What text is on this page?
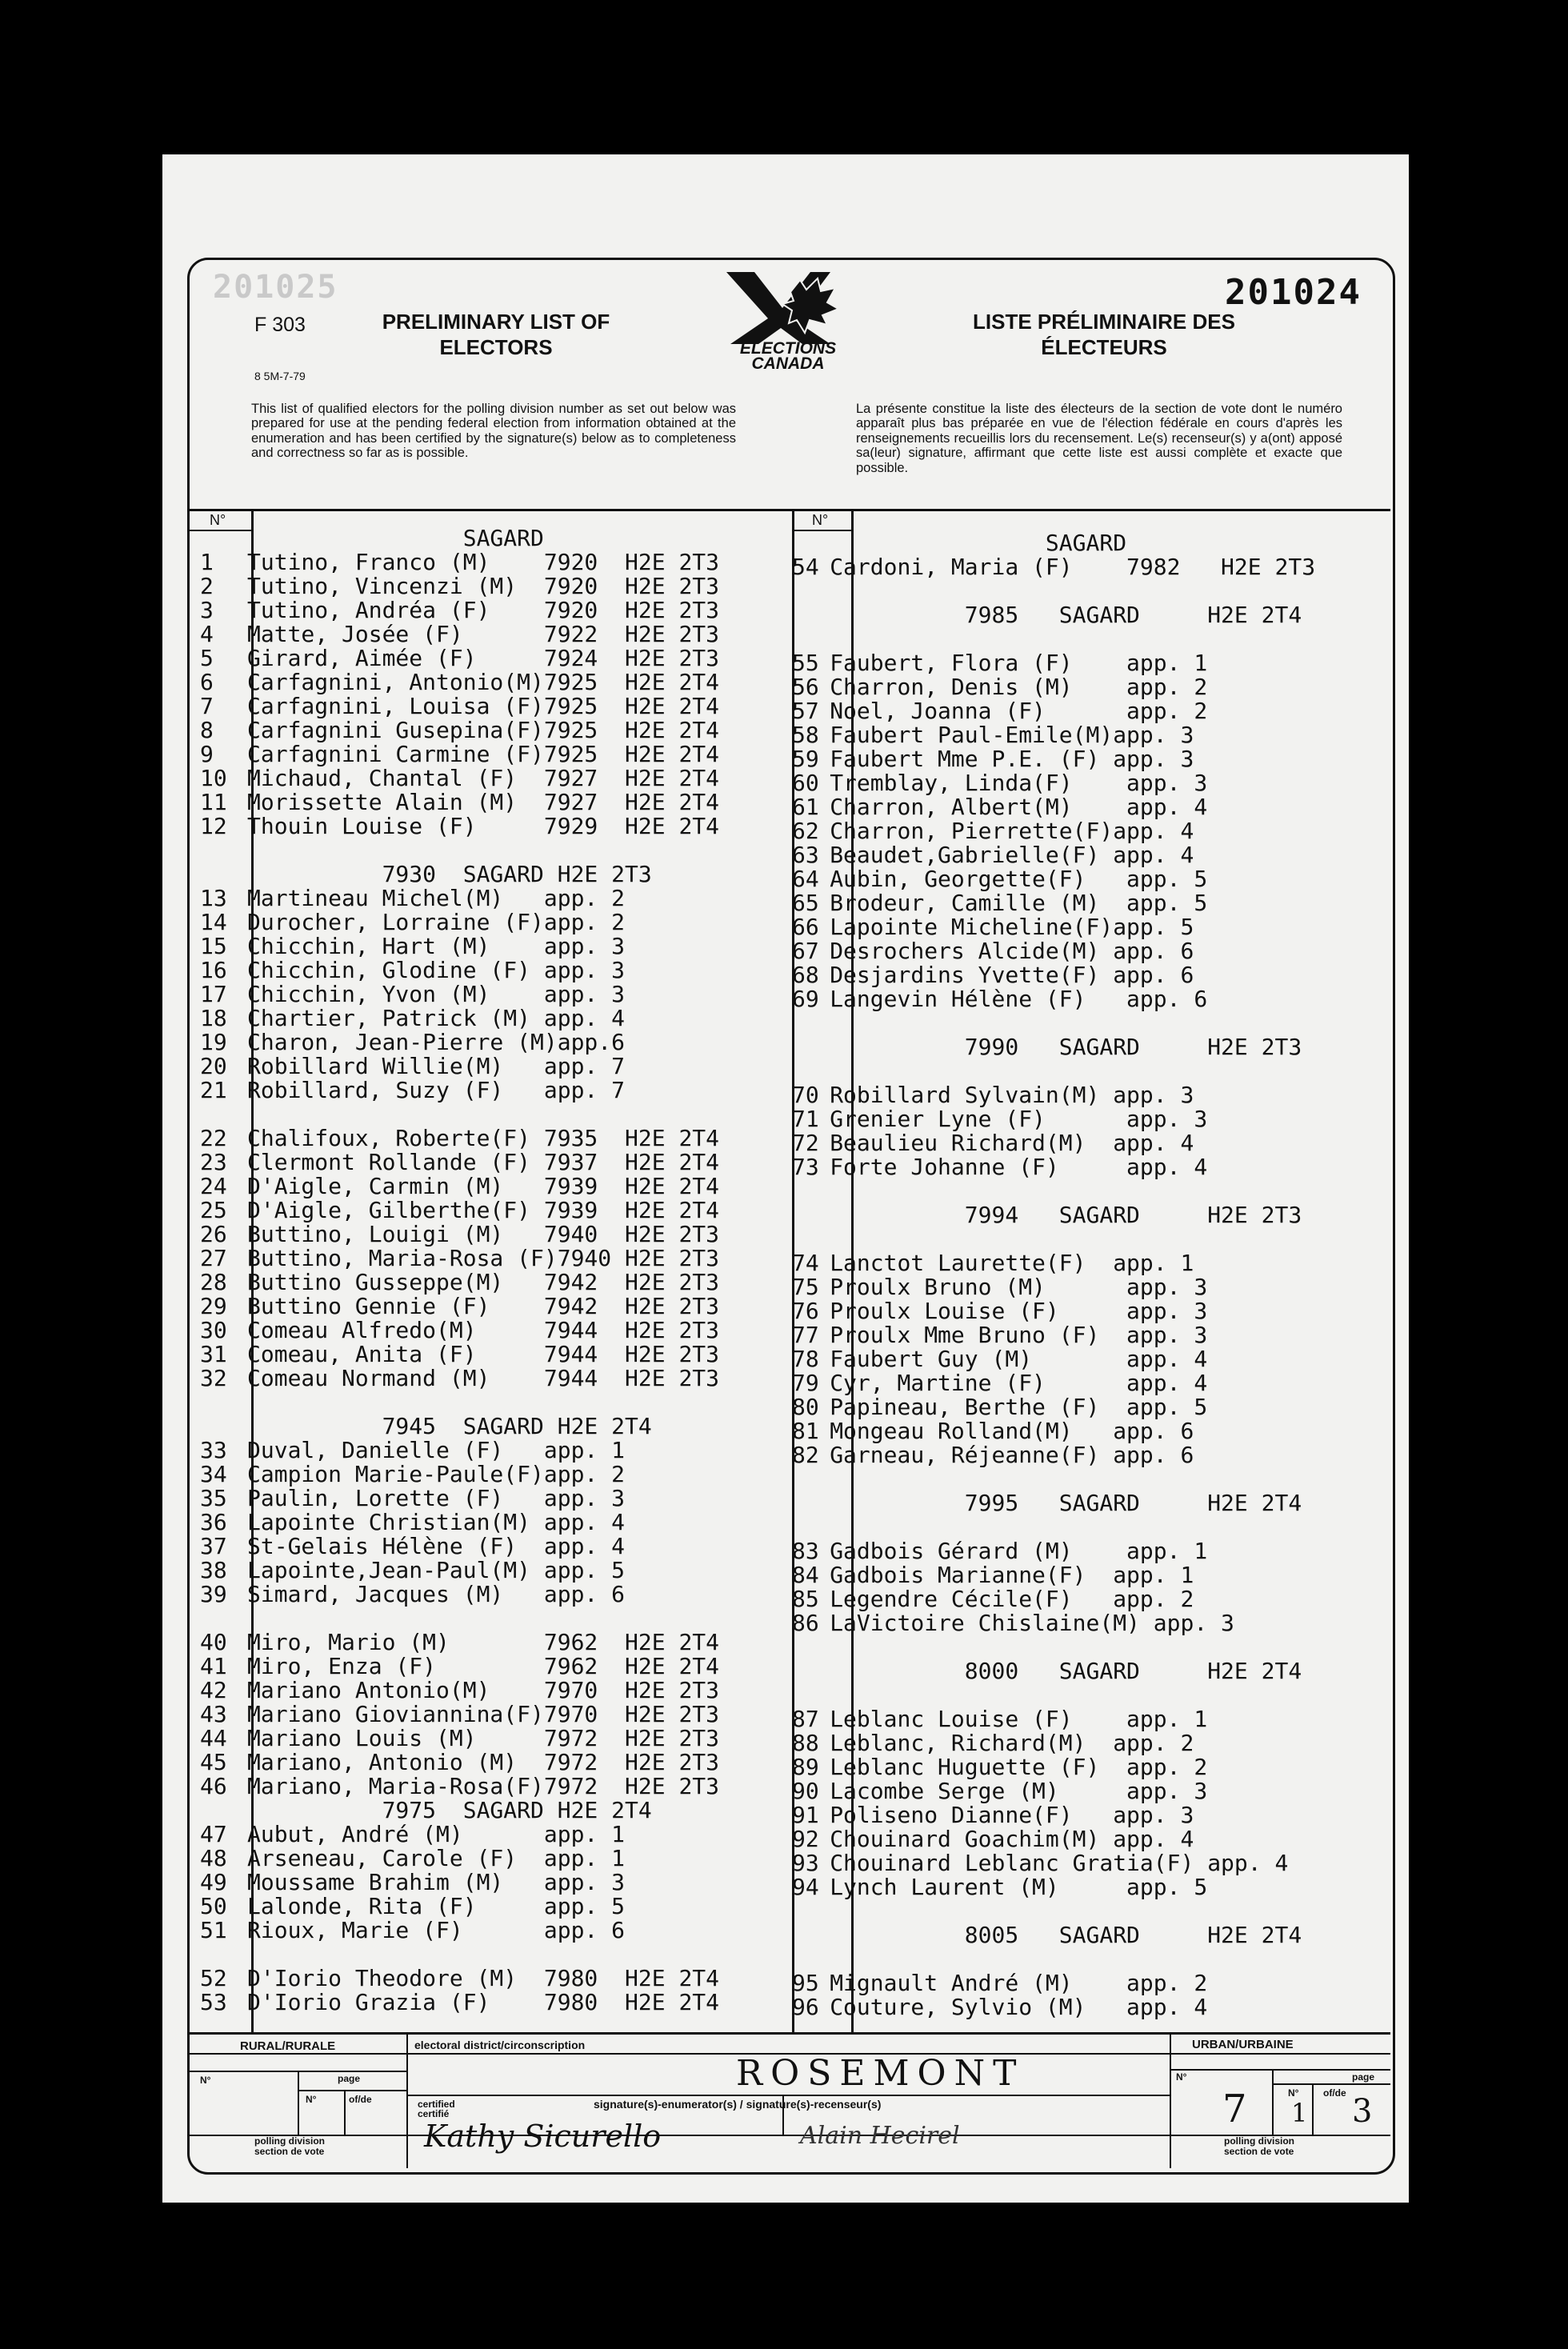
201025	201024
F 303	PRELIMINARY LIST OF
ELECTORS
8 5M-7-79
ELECTIONS
CANADA
LISTE PRÉLIMINAIRE DES
ÉLECTEURS
This list of qualified electors for the polling division number as set out below was prepared for use at the pending federal election from information obtained at the enumeration and has been certified by the signature(s) below as to completeness and correctness so far as is possible.
La présente constitue la liste des électeurs de la section de vote dont le numéro apparaît plus bas préparée en vue de l'élection fédérale en cours d'après les renseignements recueillis lors du recensement. Le(s) recenseur(s) y a(ont) apposé sa(leur) signature, affirmant que cette liste est aussi complète et exacte que possible.
N°	N°
SAGARD
1 Tutino, Franco (M)    7920  H2E 2T3
2 Tutino, Vincenzi (M)  7920  H2E 2T3
3 Tutino, Andréa (F)    7920  H2E 2T3
4 Matte, Josée (F)      7922  H2E 2T3
5 Girard, Aimée (F)     7924  H2E 2T3
6 Carfagnini, Antonio(M)7925  H2E 2T4
7 Carfagnini, Louisa (F)7925  H2E 2T4
8 Carfagnini Gusepina(F)7925  H2E 2T4
9 Carfagnini Carmine (F)7925  H2E 2T4
10 Michaud, Chantal (F)  7927  H2E 2T4
11 Morissette Alain (M)  7927  H2E 2T4
12 Thouin Louise (F)     7929  H2E 2T4
7930  SAGARD H2E 2T3
13 Martineau Michel(M)   app. 2
14 Durocher, Lorraine (F)app. 2
15 Chicchin, Hart (M)    app. 3
16 Chicchin, Glodine (F) app. 3
17 Chicchin, Yvon (M)    app. 3
18 Chartier, Patrick (M) app. 4
19 Charon, Jean-Pierre (M)app.6
20 Robillard Willie(M)   app. 7
21 Robillard, Suzy (F)   app. 7
22 Chalifoux, Roberte(F) 7935  H2E 2T4
23 Clermont Rollande (F) 7937  H2E 2T4
24 D'Aigle, Carmin (M)   7939  H2E 2T4
25 D'Aigle, Gilberthe(F) 7939  H2E 2T4
26 Buttino, Louigi (M)   7940  H2E 2T3
27 Buttino, Maria-Rosa (F)7940 H2E 2T3
28 Buttino Gusseppe(M)   7942  H2E 2T3
29 Buttino Gennie (F)    7942  H2E 2T3
30 Comeau Alfredo(M)     7944  H2E 2T3
31 Comeau, Anita (F)     7944  H2E 2T3
32 Comeau Normand (M)    7944  H2E 2T3
7945  SAGARD H2E 2T4
33 Duval, Danielle (F)   app. 1
34 Campion Marie-Paule(F)app. 2
35 Paulin, Lorette (F)   app. 3
36 Lapointe Christian(M) app. 4
37 St-Gelais Hélène (F)  app. 4
38 Lapointe,Jean-Paul(M) app. 5
39 Simard, Jacques (M)   app. 6
40 Miro, Mario (M)       7962  H2E 2T4
41 Miro, Enza (F)        7962  H2E 2T4
42 Mariano Antonio(M)    7970  H2E 2T3
43 Mariano Gioviannina(F)7970  H2E 2T3
44 Mariano Louis (M)     7972  H2E 2T3
45 Mariano, Antonio (M)  7972  H2E 2T3
46 Mariano, Maria-Rosa(F)7972  H2E 2T3
7975  SAGARD H2E 2T4
47 Aubut, André (M)      app. 1
48 Arseneau, Carole (F)  app. 1
49 Moussame Brahim (M)   app. 3
50 Lalonde, Rita (F)     app. 5
51 Rioux, Marie (F)      app. 6
52 D'Iorio Theodore (M)  7980  H2E 2T4
53 D'Iorio Grazia (F)    7980  H2E 2T4
SAGARD
54 Cardoni, Maria (F)    7982   H2E 2T3
7985   SAGARD     H2E 2T4
55 Faubert, Flora (F)    app. 1
56 Charron, Denis (M)    app. 2
57 Noel, Joanna (F)      app. 2
58 Faubert Paul-Emile(M)app. 3
59 Faubert Mme P.E. (F) app. 3
60 Tremblay, Linda(F)    app. 3
61 Charron, Albert(M)    app. 4
62 Charron, Pierrette(F)app. 4
63 Beaudet,Gabrielle(F) app. 4
64 Aubin, Georgette(F)   app. 5
65 Brodeur, Camille (M)  app. 5
66 Lapointe Micheline(F)app. 5
67 Desrochers Alcide(M) app. 6
68 Desjardins Yvette(F) app. 6
69 Langevin Hélène (F)   app. 6
7990   SAGARD     H2E 2T3
70 Robillard Sylvain(M) app. 3
71 Grenier Lyne (F)      app. 3
72 Beaulieu Richard(M)  app. 4
73 Forte Johanne (F)     app. 4
7994   SAGARD     H2E 2T3
74 Lanctot Laurette(F)  app. 1
75 Proulx Bruno (M)      app. 3
76 Proulx Louise (F)     app. 3
77 Proulx Mme Bruno (F)  app. 3
78 Faubert Guy (M)       app. 4
79 Cyr, Martine (F)      app. 4
80 Papineau, Berthe (F)  app. 5
81 Mongeau Rolland(M)   app. 6
82 Garneau, Réjeanne(F) app. 6
7995   SAGARD     H2E 2T4
83 Gadbois Gérard (M)    app. 1
84 Gadbois Marianne(F)  app. 1
85 Legendre Cécile(F)   app. 2
86 LaVictoire Chislaine(M) app. 3
8000   SAGARD     H2E 2T4
87 Leblanc Louise (F)    app. 1
88 Leblanc, Richard(M)  app. 2
89 Leblanc Huguette (F)  app. 2
90 Lacombe Serge (M)     app. 3
91 Poliseno Dianne(F)   app. 3
92 Chouinard Goachim(M) app. 4
93 Chouinard Leblanc Gratia(F) app. 4
94 Lynch Laurent (M)     app. 5
8005   SAGARD     H2E 2T4
95 Mignault André (M)    app. 2
96 Couture, Sylvio (M)   app. 4
RURAL/RURALE
N°	page
N°	of/de
polling division
section de vote
electoral district/circonscription
ROSEMONT
certified
certifié
signature(s)-enumerator(s) / signature(s)-recenseur(s)
Kathy Sicurello	Alain Hecirel
URBAN/URBAINE
N°	page
N°	of/de
7 1 3
polling division
section de vote
